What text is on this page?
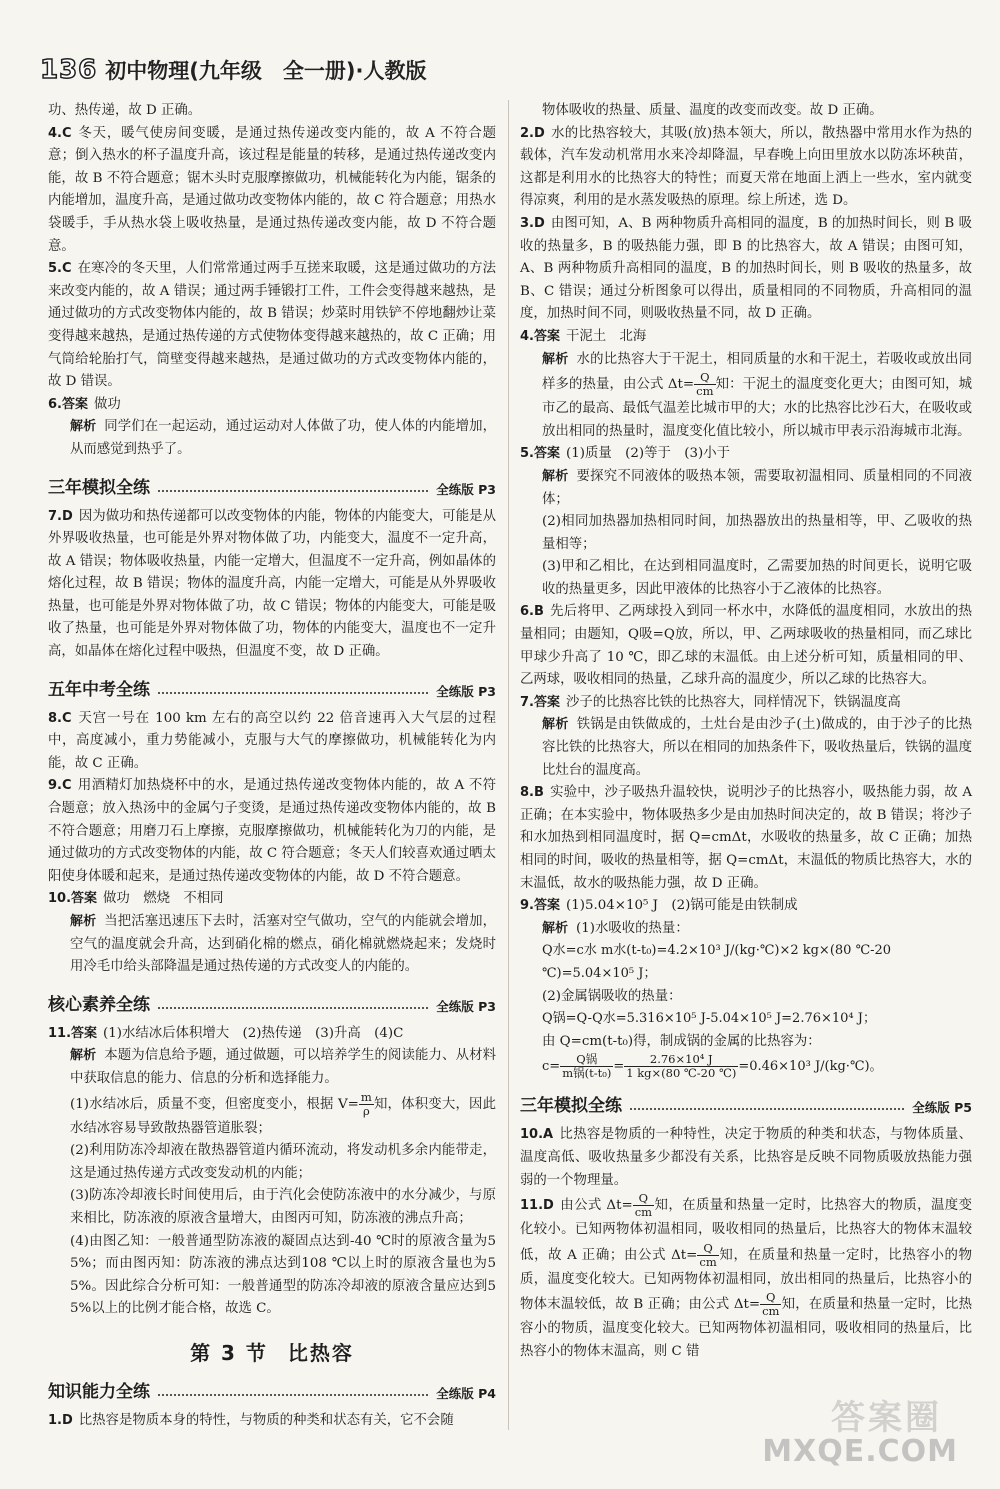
136 初中物理(九年级　全一册)·人教版

功、热传递，故 D 正确。

4.C 冬天，暖气使房间变暖，是通过热传递改变内能的，故 A 不符合题意；倒入热水的杯子温度升高，该过程是能量的转移，是通过热传递改变内能，故 B 不符合题意；锯木头时克服摩擦做功，机械能转化为内能，锯条的内能增加，温度升高，是通过做功改变物体内能的，故 C 符合题意；用热水袋暖手，手从热水袋上吸收热量，是通过热传递改变内能，故 D 不符合题意。

5.C 在寒冷的冬天里，人们常常通过两手互搓来取暖，这是通过做功的方法来改变内能的，故 A 错误；通过两手锤锻打工件，工件会变得越来越热，是通过做功的方式改变物体内能的，故 B 错误；炒菜时用铁铲不停地翻炒让菜变得越来越热，是通过热传递的方式使物体变得越来越热的，故 C 正确；用气筒给轮胎打气，筒壁变得越来越热，是通过做功的方式改变物体内能的，故 D 错误。

6.答案 做功

解析 同学们在一起运动，通过运动对人体做了功，使人体的内能增加，从而感觉到热乎了。

三年模拟全练	全练版 P3

7.D 因为做功和热传递都可以改变物体的内能，物体的内能变大，可能是从外界吸收热量，也可能是外界对物体做了功，内能变大，温度不一定升高，故 A 错误；物体吸收热量，内能一定增大，但温度不一定升高，例如晶体的熔化过程，故 B 错误；物体的温度升高，内能一定增大，可能是从外界吸收热量，也可能是外界对物体做了功，故 C 错误；物体的内能变大，可能是吸收了热量，也可能是外界对物体做了功，物体的内能变大，温度也不一定升高，如晶体在熔化过程中吸热，但温度不变，故 D 正确。

五年中考全练	全练版 P3

8.C 天宫一号在 100 km 左右的高空以约 22 倍音速再入大气层的过程中，高度减小，重力势能减小，克服与大气的摩擦做功，机械能转化为内能，故 C 正确。

9.C 用酒精灯加热烧杯中的水，是通过热传递改变物体内能的，故 A 不符合题意；放入热汤中的金属勺子变烫，是通过热传递改变物体内能的，故 B 不符合题意；用磨刀石上摩擦，克服摩擦做功，机械能转化为刀的内能，是通过做功的方式改变物体的内能，故 C 符合题意；冬天人们较喜欢通过晒太阳使身体暖和起来，是通过热传递改变物体的内能，故 D 不符合题意。

10.答案 做功　燃烧　不相同

解析 当把活塞迅速压下去时，活塞对空气做功，空气的内能就会增加，空气的温度就会升高，达到硝化棉的燃点，硝化棉就燃烧起来；发烧时用冷毛巾给头部降温是通过热传递的方式改变人的内能的。

核心素养全练	全练版 P3

11.答案 (1)水结冰后体积增大　(2)热传递　(3)升高　(4)C

解析 本题为信息给予题，通过做题，可以培养学生的阅读能力、从材料中获取信息的能力、信息的分析和选择能力。

(1)水结冰后，质量不变，但密度变小，根据 $V= \frac{m}{\rho}$ 知，体积变大，因此水结冰容易导致散热器管道胀裂；

(2)利用防冻冷却液在散热器管道内循环流动，将发动机多余内能带走，这是通过热传递方式改变发动机的内能；

(3)防冻冷却液长时间使用后，由于汽化会使防冻液中的水分减少，与原来相比，防冻液的原液含量增大，由图丙可知，防冻液的沸点升高；

(4)由图乙知：一般普通型防冻液的凝固点达到-40 ℃时的原液含量为55%；而由图丙知：防冻液的沸点达到108 ℃以上时的原液含量也为55%。因此综合分析可知：一般普通型的防冻冷却液的原液含量应达到55%以上的比例才能合格，故选 C。

第 3 节 比热容
知识能力全练	全练版 P4

1.D 比热容是物质本身的特性，与物质的种类和状态有关，它不会随

物体吸收的热量、质量、温度的改变而改变。故 D 正确。

2.D 水的比热容较大，其吸(放)热本领大，所以，散热器中常用水作为热的载体，汽车发动机常用水来冷却降温，早春晚上向田里放水以防冻坏秧苗，这都是利用水的比热容大的特性；而夏天常在地面上洒上一些水，室内就变得凉爽，利用的是水蒸发吸热的原理。综上所述，选 D。

3.D 由图可知，A、B 两种物质升高相同的温度，B 的加热时间长，则 B 吸收的热量多，B 的吸热能力强，即 B 的比热容大，故 A 错误；由图可知，A、B 两种物质升高相同的温度，B 的加热时间长，则 B 吸收的热量多，故 B、C 错误；通过分析图象可以得出，质量相同的不同物质，升高相同的温度，加热时间不同，则吸收热量不同，故 D 正确。

4.答案 干泥土　北海

解析 水的比热容大于干泥土，相同质量的水和干泥土，若吸收或放出同样多的热量，由公式 $\Delta t= \frac{Q}{cm}$ 知：干泥土的温度变化更大；由图可知，城市乙的最高、最低气温差比城市甲的大；水的比热容比沙石大，在吸收或放出相同的热量时，温度变化值比较小，所以城市甲表示沿海城市北海。

5.答案 (1)质量　(2)等于　(3)小于

解析 要探究不同液体的吸热本领，需要取初温相同、质量相同的不同液体；

(2)相同加热器加热相同时间，加热器放出的热量相等，甲、乙吸收的热量相等；

(3)甲和乙相比，在达到相同温度时，乙需要加热的时间更长，说明它吸收的热量更多，因此甲液体的比热容小于乙液体的比热容。

6.B 先后将甲、乙两球投入到同一杯水中，水降低的温度相同，水放出的热量相同；由题知，Q吸=Q放，所以，甲、乙两球吸收的热量相同，而乙球比甲球少升高了 10 ℃，即乙球的末温低。由上述分析可知，质量相同的甲、乙两球，吸收相同的热量，乙球升高的温度少，所以乙球的比热容大。

7.答案 沙子的比热容比铁的比热容大，同样情况下，铁锅温度高

解析 铁锅是由铁做成的，土灶台是由沙子(土)做成的，由于沙子的比热容比铁的比热容大，所以在相同的加热条件下，吸收热量后，铁锅的温度比灶台的温度高。

8.B 实验中，沙子吸热升温较快，说明沙子的比热容小，吸热能力弱，故 A 正确；在本实验中，物体吸热多少是由加热时间决定的，故 B 错误；将沙子和水加热到相同温度时，据 Q=cmΔt，水吸收的热量多，故 C 正确；加热相同的时间，吸收的热量相等，据 Q=cmΔt，末温低的物质比热容大，水的末温低，故水的吸热能力强，故 D 正确。

9.答案 (1)5.04×10⁵ J　(2)锅可能是由铁制成

解析 (1)水吸收的热量：

Q水=c水 m水(t-t₀)=4.2×10³ J/(kg·℃)×2 kg×(80 ℃-20 ℃)=5.04×10⁵ J；

(2)金属锅吸收的热量：

Q锅=Q-Q水=5.316×10⁵ J-5.04×10⁵ J=2.76×10⁴ J；

由 Q=cm(t-t₀)得，制成锅的金属的比热容为：

$c= \frac{\text{Q锅}}{\text{m锅(t-t₀)}} = \frac{\text{2.76×10⁴ J}}{1 kg\times(80 ℃-20 ℃)} =0.46\times 10^3$ J/(kg·℃)。

三年模拟全练	全练版 P5

10.A 比热容是物质的一种特性，决定于物质的种类和状态，与物体质量、温度高低、吸收热量多少都没有关系，比热容是反映不同物质吸放热能力强弱的一个物理量。

11.D 由公式 $\Delta t= \frac{Q}{cm}$ 知，在质量和热量一定时，比热容大的物质，温度变化较小。已知两物体初温相同，吸收相同的热量后，比热容大的物体末温较低，故 A 正确；由公式 $\Delta t= \frac{Q}{cm}$ 知，在质量和热量一定时，比热容小的物质，温度变化较大。已知两物体初温相同，放出相同的热量后，比热容小的物体末温较低，故 B 正确；由公式 $\Delta t= \frac{Q}{cm}$ 知，在质量和热量一定时，比热容小的物质，温度变化较大。已知两物体初温相同，吸收相同的热量后，比热容小的物体末温高，则 C 错

答案圈
MXQE.COM
